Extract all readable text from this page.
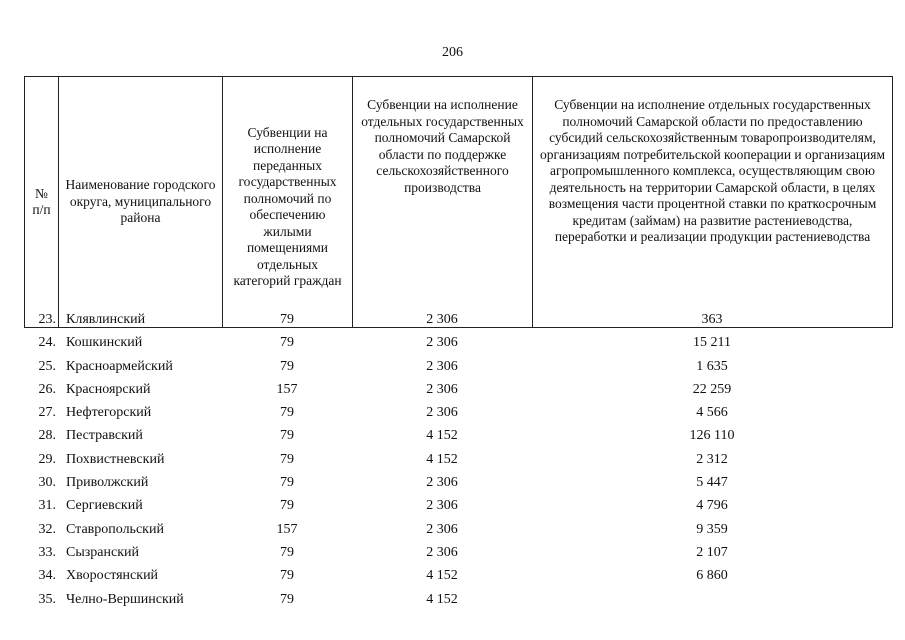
206
№ п/п	Наименование городского округа, муниципального района	Субвенции на исполнение переданных государственных полномочий по обеспечению жилыми помещениями отдельных категорий граждан	Субвенции на исполнение отдельных государственных полномочий Самарской области по поддержке сельскохозяйственного производства	Субвенции на исполнение отдельных государственных полномочий Самарской области по предоставлению субсидий сельскохозяйственным товаропроизводителям, организациям потребительской кооперации и организациям агропромышленного комплекса, осуществляющим свою деятельность на территории Самарской области, в целях возмещения части процентной ставки по краткосрочным кредитам (займам) на развитие растениеводства, переработки и реализации продукции растениеводства
23. Клявлинский	79	2 306	363
24. Кошкинский	79	2 306	15 211
25. Красноармейский	79	2 306	1 635
26. Красноярский	157	2 306	22 259
27. Нефтегорский	79	2 306	4 566
28. Пестравский	79	4 152	126 110
29. Похвистневский	79	4 152	2 312
30. Приволжский	79	2 306	5 447
31. Сергиевский	79	2 306	4 796
32. Ставропольский	157	2 306	9 359
33. Сызранский	79	2 306	2 107
34. Хворостянский	79	4 152	6 860
35. Челно-Вершинский	79	4 152
